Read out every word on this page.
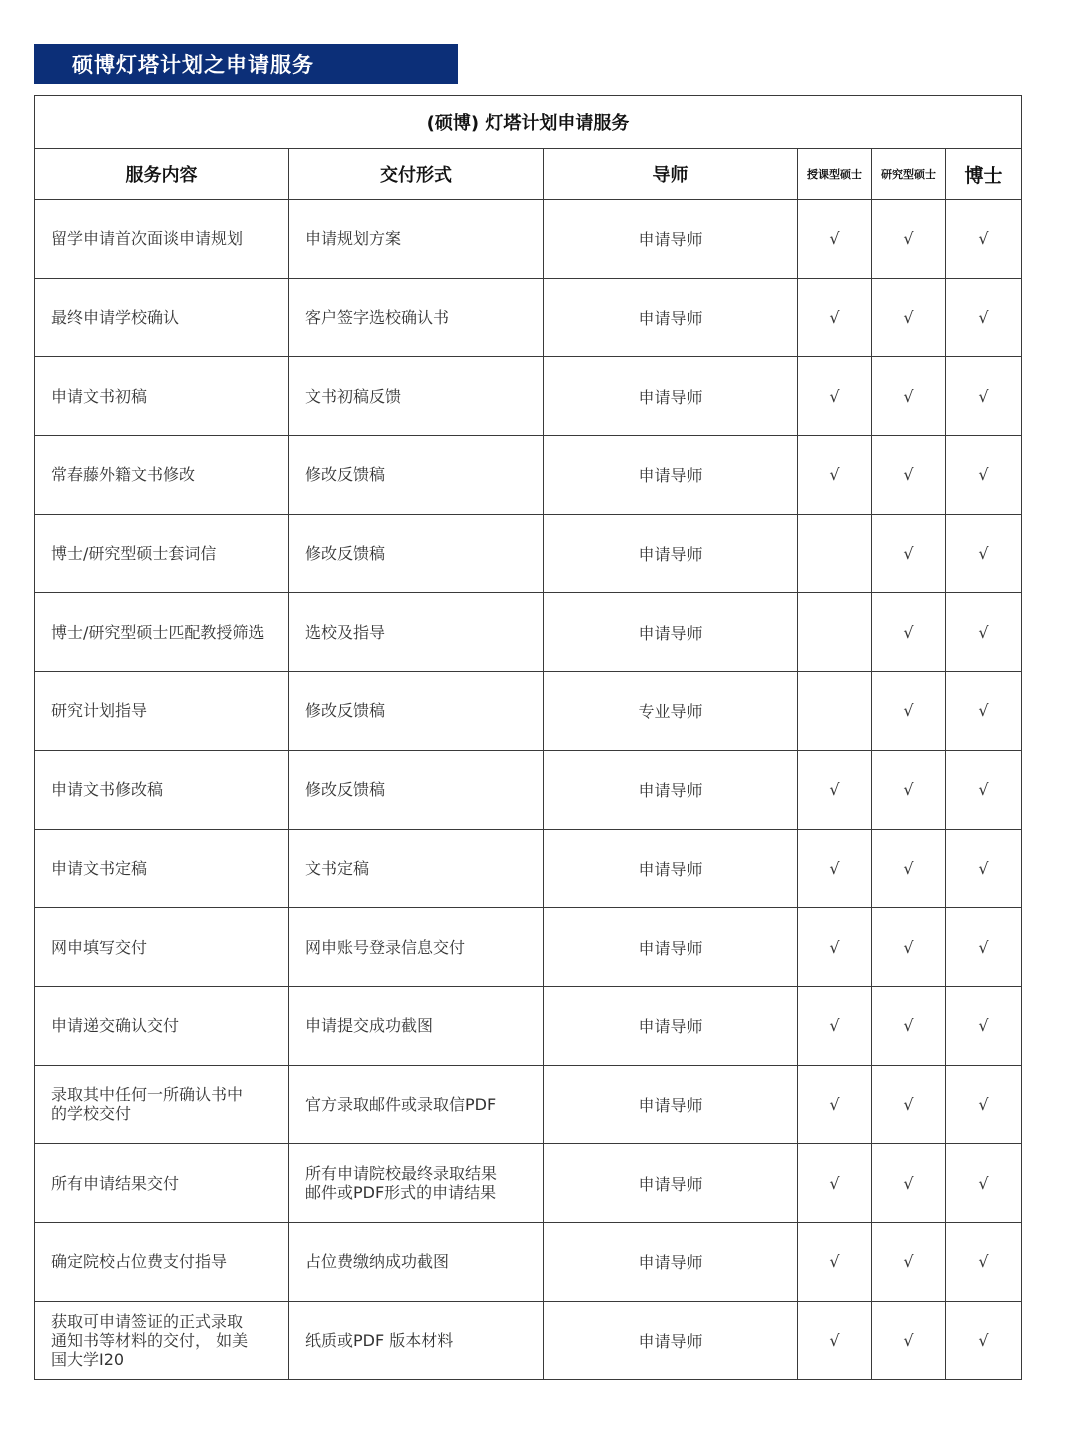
硕博灯塔计划之申请服务
(硕博) 灯塔计划申请服务					
服务内容	交付形式	导师	授课型硕士	研究型硕士	博士

留学申请首次面谈申请规划	申请规划方案	申请导师	√	√	√

最终申请学校确认	客户签字选校确认书	申请导师	√	√	√

申请文书初稿	文书初稿反馈	申请导师	√	√	√

常春藤外籍文书修改	修改反馈稿	申请导师	√	√	√

博士/研究型硕士套词信	修改反馈稿	申请导师		√	√

博士/研究型硕士匹配教授筛选	选校及指导	申请导师		√	√

研究计划指导	修改反馈稿	专业导师		√	√

申请文书修改稿	修改反馈稿	申请导师	√	√	√

申请文书定稿	文书定稿	申请导师	√	√	√

网申填写交付	网申账号登录信息交付	申请导师	√	√	√

申请递交确认交付	申请提交成功截图	申请导师	√	√	√

录取其中任何一所确认书中
的学校交付	官方录取邮件或录取信PDF	申请导师	√	√	√

所有申请结果交付	所有申请院校最终录取结果
邮件或PDF形式的申请结果	申请导师	√	√	√

确定院校占位费支付指导	占位费缴纳成功截图	申请导师	√	√	√

获取可申请签证的正式录取
通知书等材料的交付， 如美
国大学I20	纸质或PDF 版本材料	申请导师	√	√	√
